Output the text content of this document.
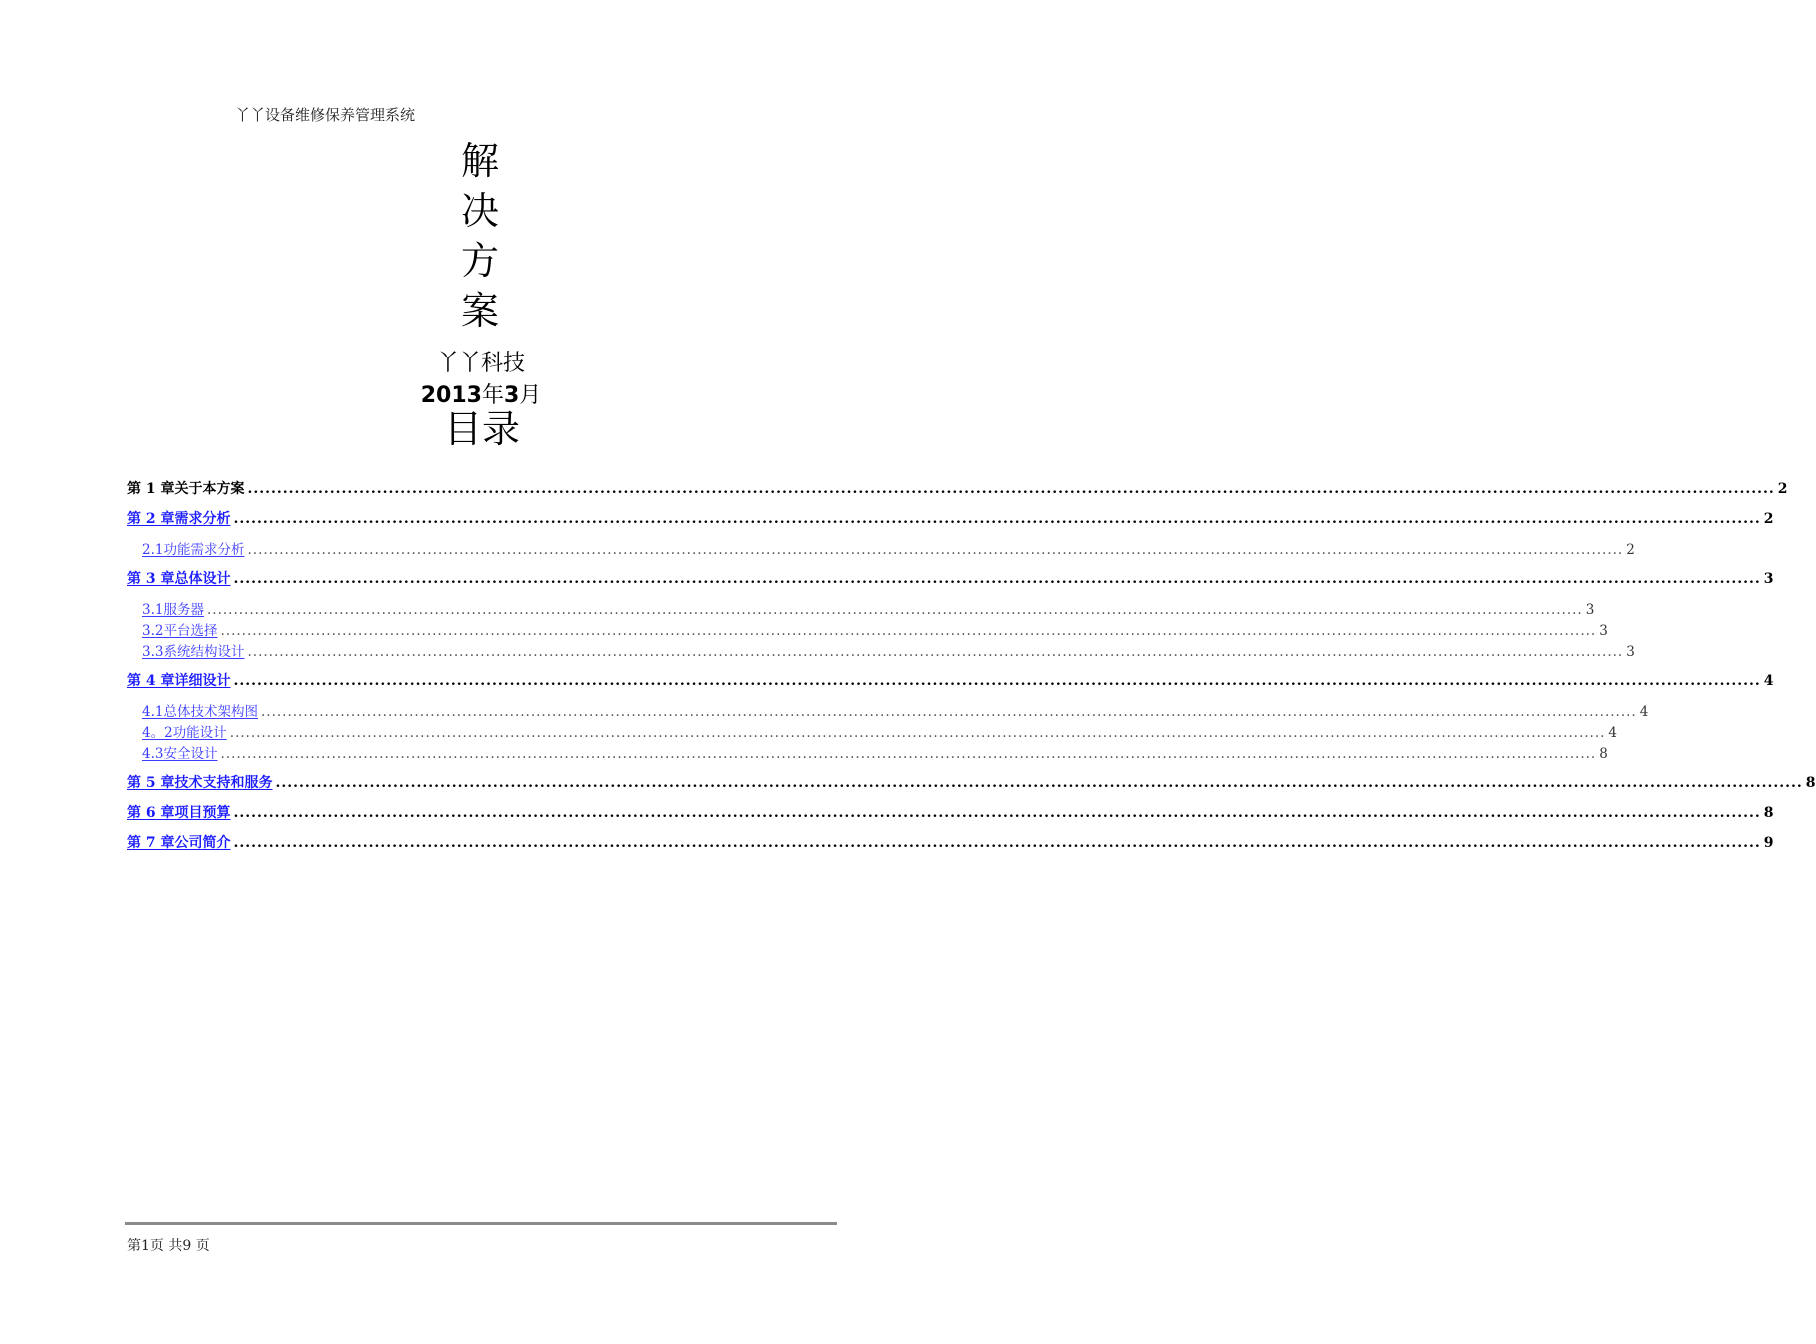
丫丫设备维修保养管理系统
解
决
方
案
丫丫科技
2013年3月
目录
第 1 章 关于本方案 .................................................................................................................................................................................................................................................................... 2
第 2 章 需求分析 .................................................................................................................................................................................................................................................................... 2
2.1 功能需求分析 .................................................................................................................................................................................................................................................................... 2
第 3 章 总体设计 .................................................................................................................................................................................................................................................................... 3
3.1 服务器 .................................................................................................................................................................................................................................................................... 3
3.2 平台选择 .................................................................................................................................................................................................................................................................... 3
3.3 系统结构设计 .................................................................................................................................................................................................................................................................... 3
第 4 章 详细设计 .................................................................................................................................................................................................................................................................... 4
4.1 总体技术架构图 .................................................................................................................................................................................................................................................................... 4
4。2 功能设计 .................................................................................................................................................................................................................................................................... 4
4.3 安全设计 .................................................................................................................................................................................................................................................................... 8
第 5 章 技术支持和服务 .................................................................................................................................................................................................................................................................... 8
第 6 章 项目预算 .................................................................................................................................................................................................................................................................... 8
第 7 章 公司简介 .................................................................................................................................................................................................................................................................... 9
第1页 共9 页
